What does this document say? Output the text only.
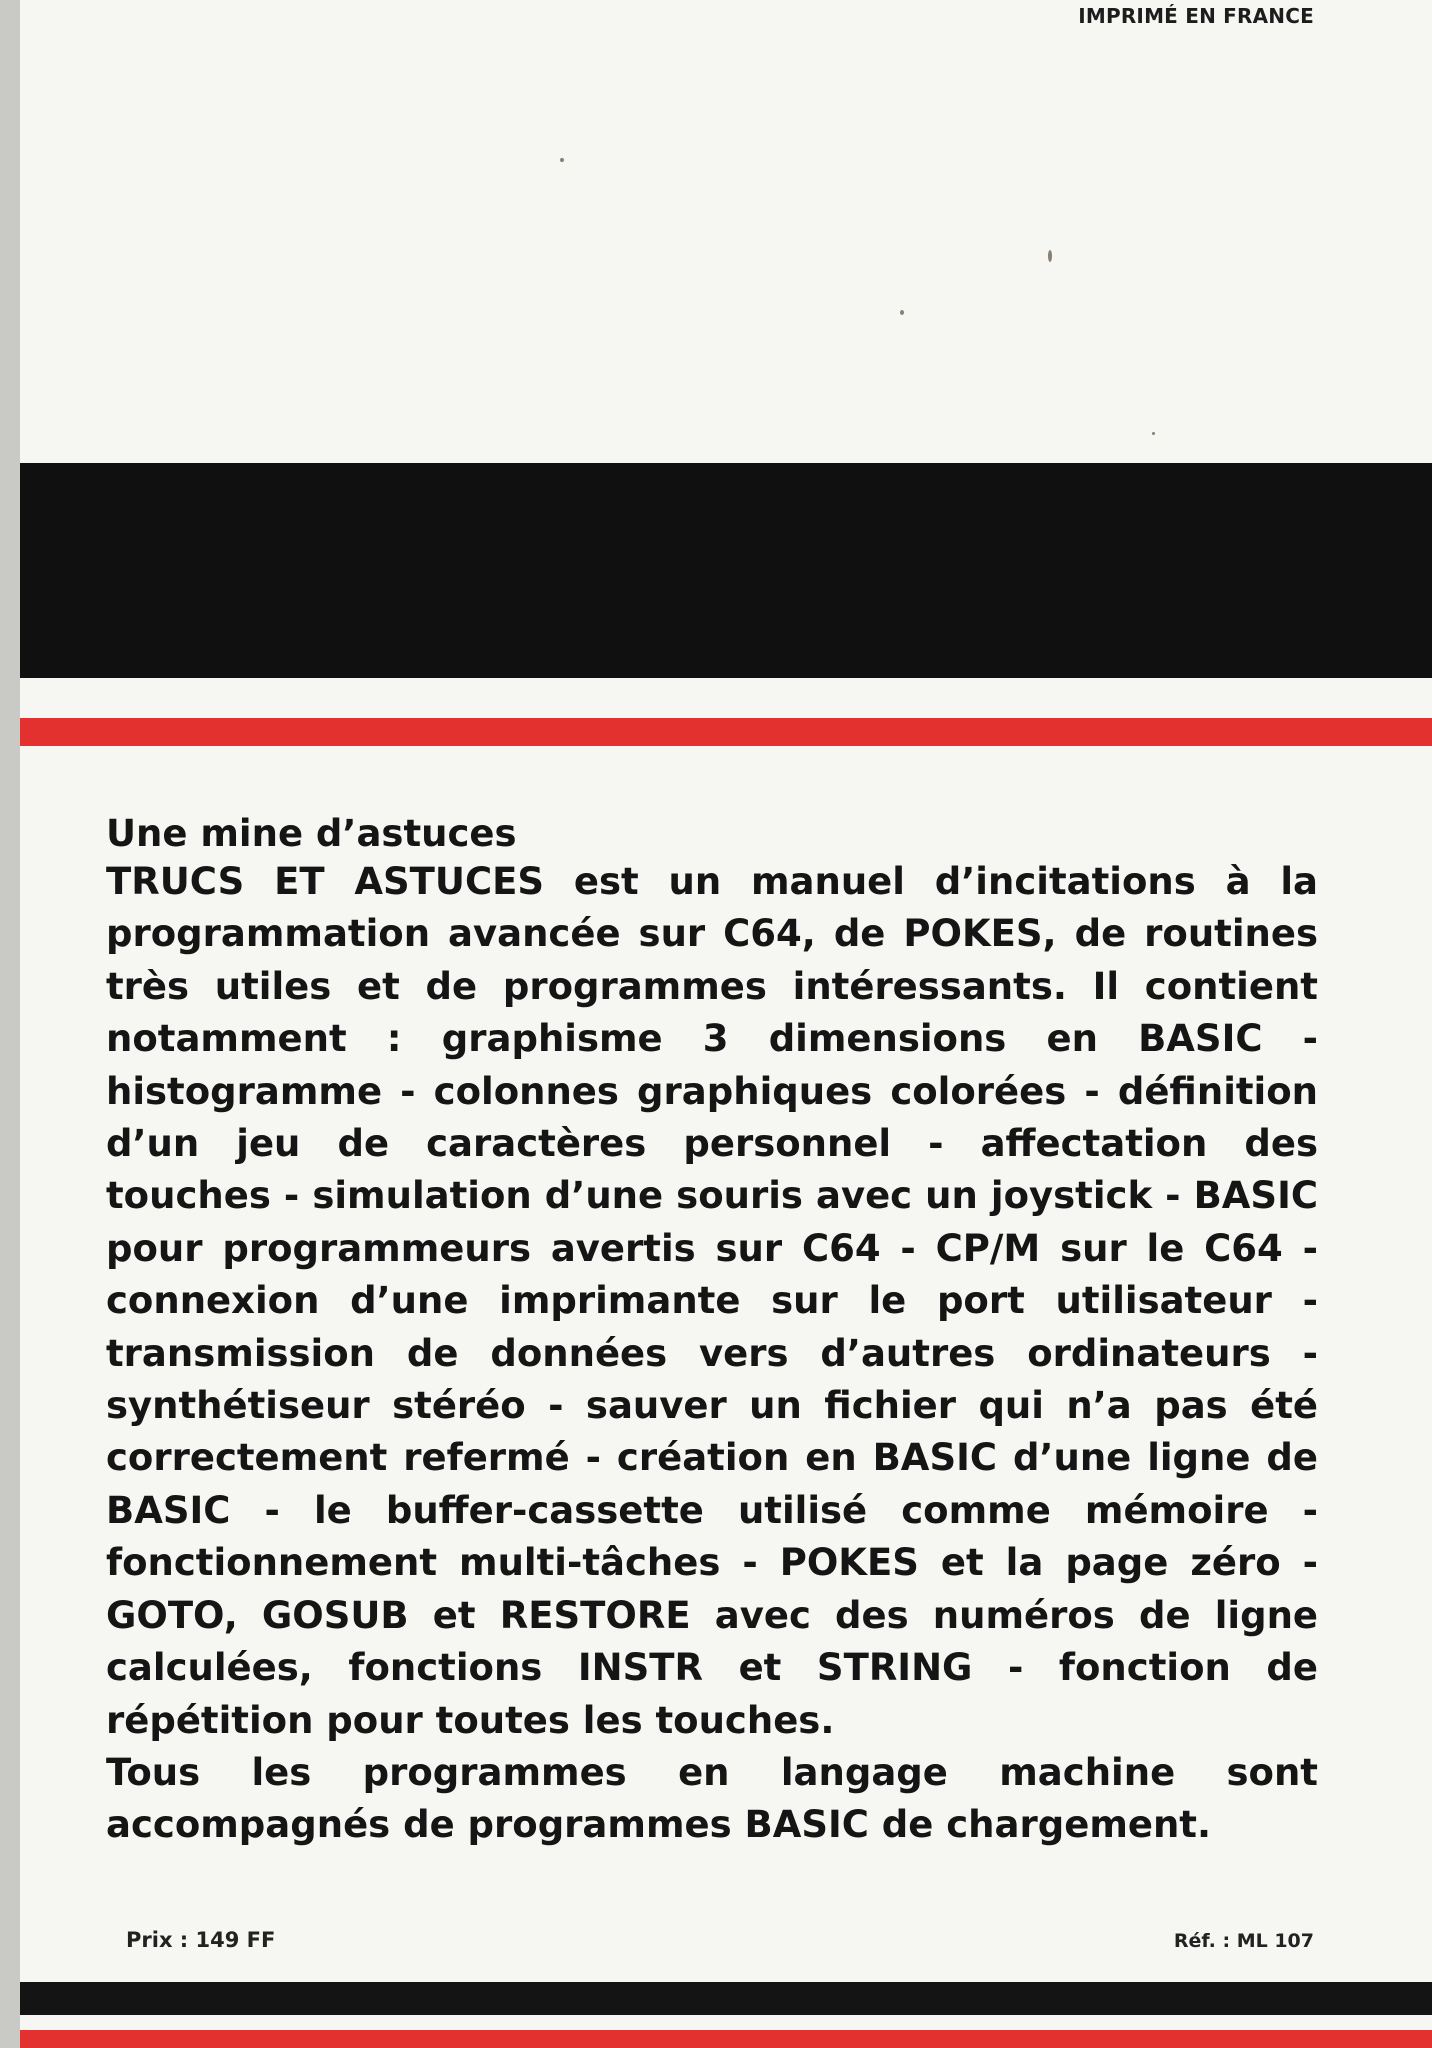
IMPRIMÉ EN FRANCE
Prix : 149 FF	Réf. : ML 107
Une mine d’astuces

TRUCS ET ASTUCES est un manuel d’incitations à la programmation avancée sur C64, de POKES, de routines très utiles et de programmes intéressants. Il contient notamment : graphisme 3 dimensions en BASIC - histogramme - colonnes graphiques colorées - définition d’un jeu de caractères personnel - affectation des touches - simulation d’une souris avec un joystick - BASIC pour programmeurs avertis sur C64 - CP/M sur le C64 - connexion d’une imprimante sur le port utilisateur - transmission de données vers d’autres ordinateurs - synthétiseur stéréo - sauver un fichier qui n’a pas été correctement refermé - création en BASIC d’une ligne de BASIC - le buffer-cassette utilisé comme mémoire - fonctionnement multi-tâches - POKES et la page zéro - GOTO, GOSUB et RESTORE avec des numéros de ligne calculées, fonctions INSTR et STRING - fonction de répétition pour toutes les touches.

Tous les programmes en langage machine sont accompagnés de programmes BASIC de chargement.
